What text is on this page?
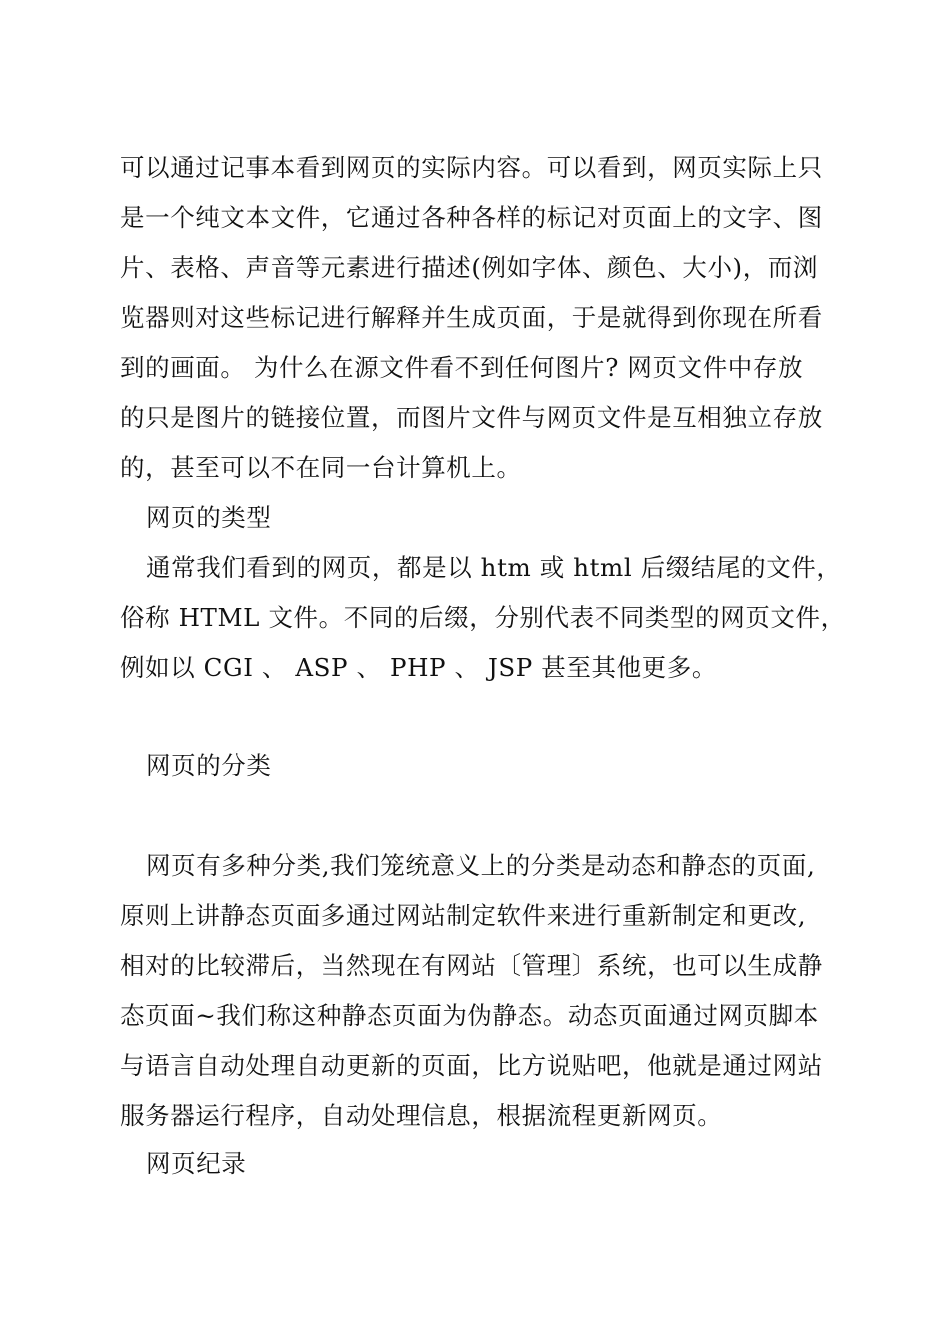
可以通过记事本看到网页的实际内容。可以看到，网页实际上只
是一个纯文本文件，它通过各种各样的标记对页面上的文字、图
片、表格、声音等元素进行描述(例如字体、颜色、大小)，而浏
览器则对这些标记进行解释并生成页面，于是就得到你现在所看
到的画面。 为什么在源文件看不到任何图片? 网页文件中存放
的只是图片的链接位置，而图片文件与网页文件是互相独立存放
的，甚至可以不在同一台计算机上。
网页的类型
通常我们看到的网页，都是以 htm 或 html 后缀结尾的文件，
俗称 HTML 文件。不同的后缀，分别代表不同类型的网页文件，
例如以 CGI 、 ASP 、 PHP 、 JSP 甚至其他更多。
网页的分类
网页有多种分类,我们笼统意义上的分类是动态和静态的页面,
原则上讲静态页面多通过网站制定软件来进行重新制定和更改,
相对的比较滞后，当然现在有网站〔管理〕系统，也可以生成静
态页面~我们称这种静态页面为伪静态。动态页面通过网页脚本
与语言自动处理自动更新的页面，比方说贴吧，他就是通过网站
服务器运行程序，自动处理信息，根据流程更新网页。
网页纪录
